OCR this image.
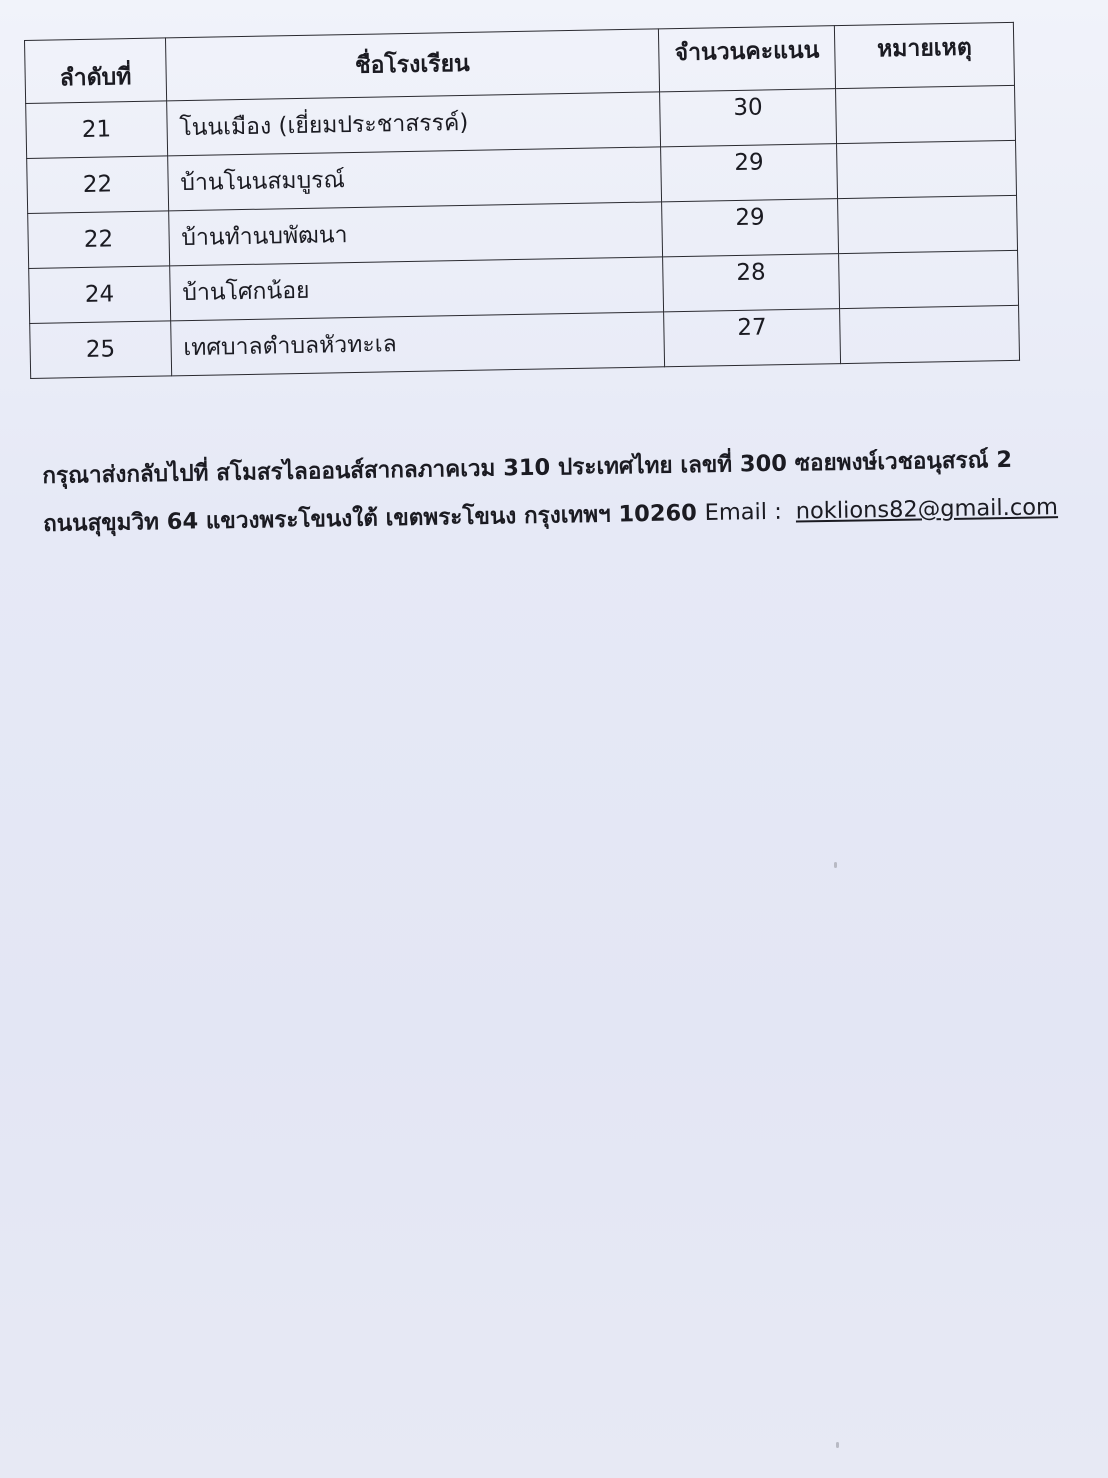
ลำดับที่	ชื่อโรงเรียน	จำนวนคะแนน	หมายเหตุ
21	โนนเมือง (เยี่ยมประชาสรรค์)	30	
22	บ้านโนนสมบูรณ์	29	
22	บ้านทำนบพัฒนา	29	
24	บ้านโศกน้อย	28	
25	เทศบาลตำบลหัวทะเล	27	
กรุณาส่งกลับไปที่ สโมสรไลออนส์สากลภาคเวม 310 ประเทศไทย เลขที่ 300 ซอยพงษ์เวชอนุสรณ์ 2
ถนนสุขุมวิท 64 แขวงพระโขนงใต้ เขตพระโขนง กรุงเทพฯ 10260 Email : noklions82@gmail.com
